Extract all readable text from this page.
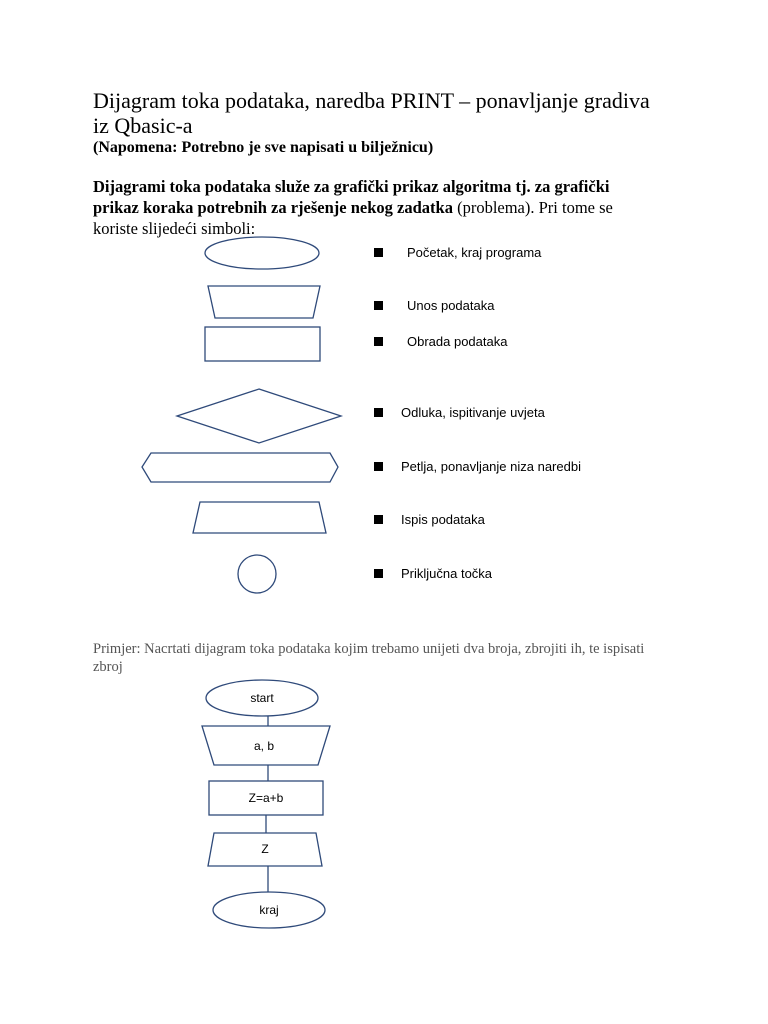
Dijagram toka podataka, naredba PRINT – ponavljanje gradiva iz Qbasic-a
(Napomena: Potrebno je sve napisati u bilježnicu)
Dijagrami toka podataka služe za grafički prikaz algoritma tj. za grafički prikaz koraka potrebnih za rješenje nekog zadatka (problema). Pri tome se koriste slijedeći simboli:
start
a, b
Z=a+b
Z
kraj
Početak, kraj programa
Unos podataka
Obrada podataka
Odluka, ispitivanje uvjeta
Petlja, ponavljanje niza naredbi
Ispis podataka
Priključna točka
Primjer: Nacrtati dijagram toka podataka kojim trebamo unijeti dva broja, zbrojiti ih, te ispisati zbroj
